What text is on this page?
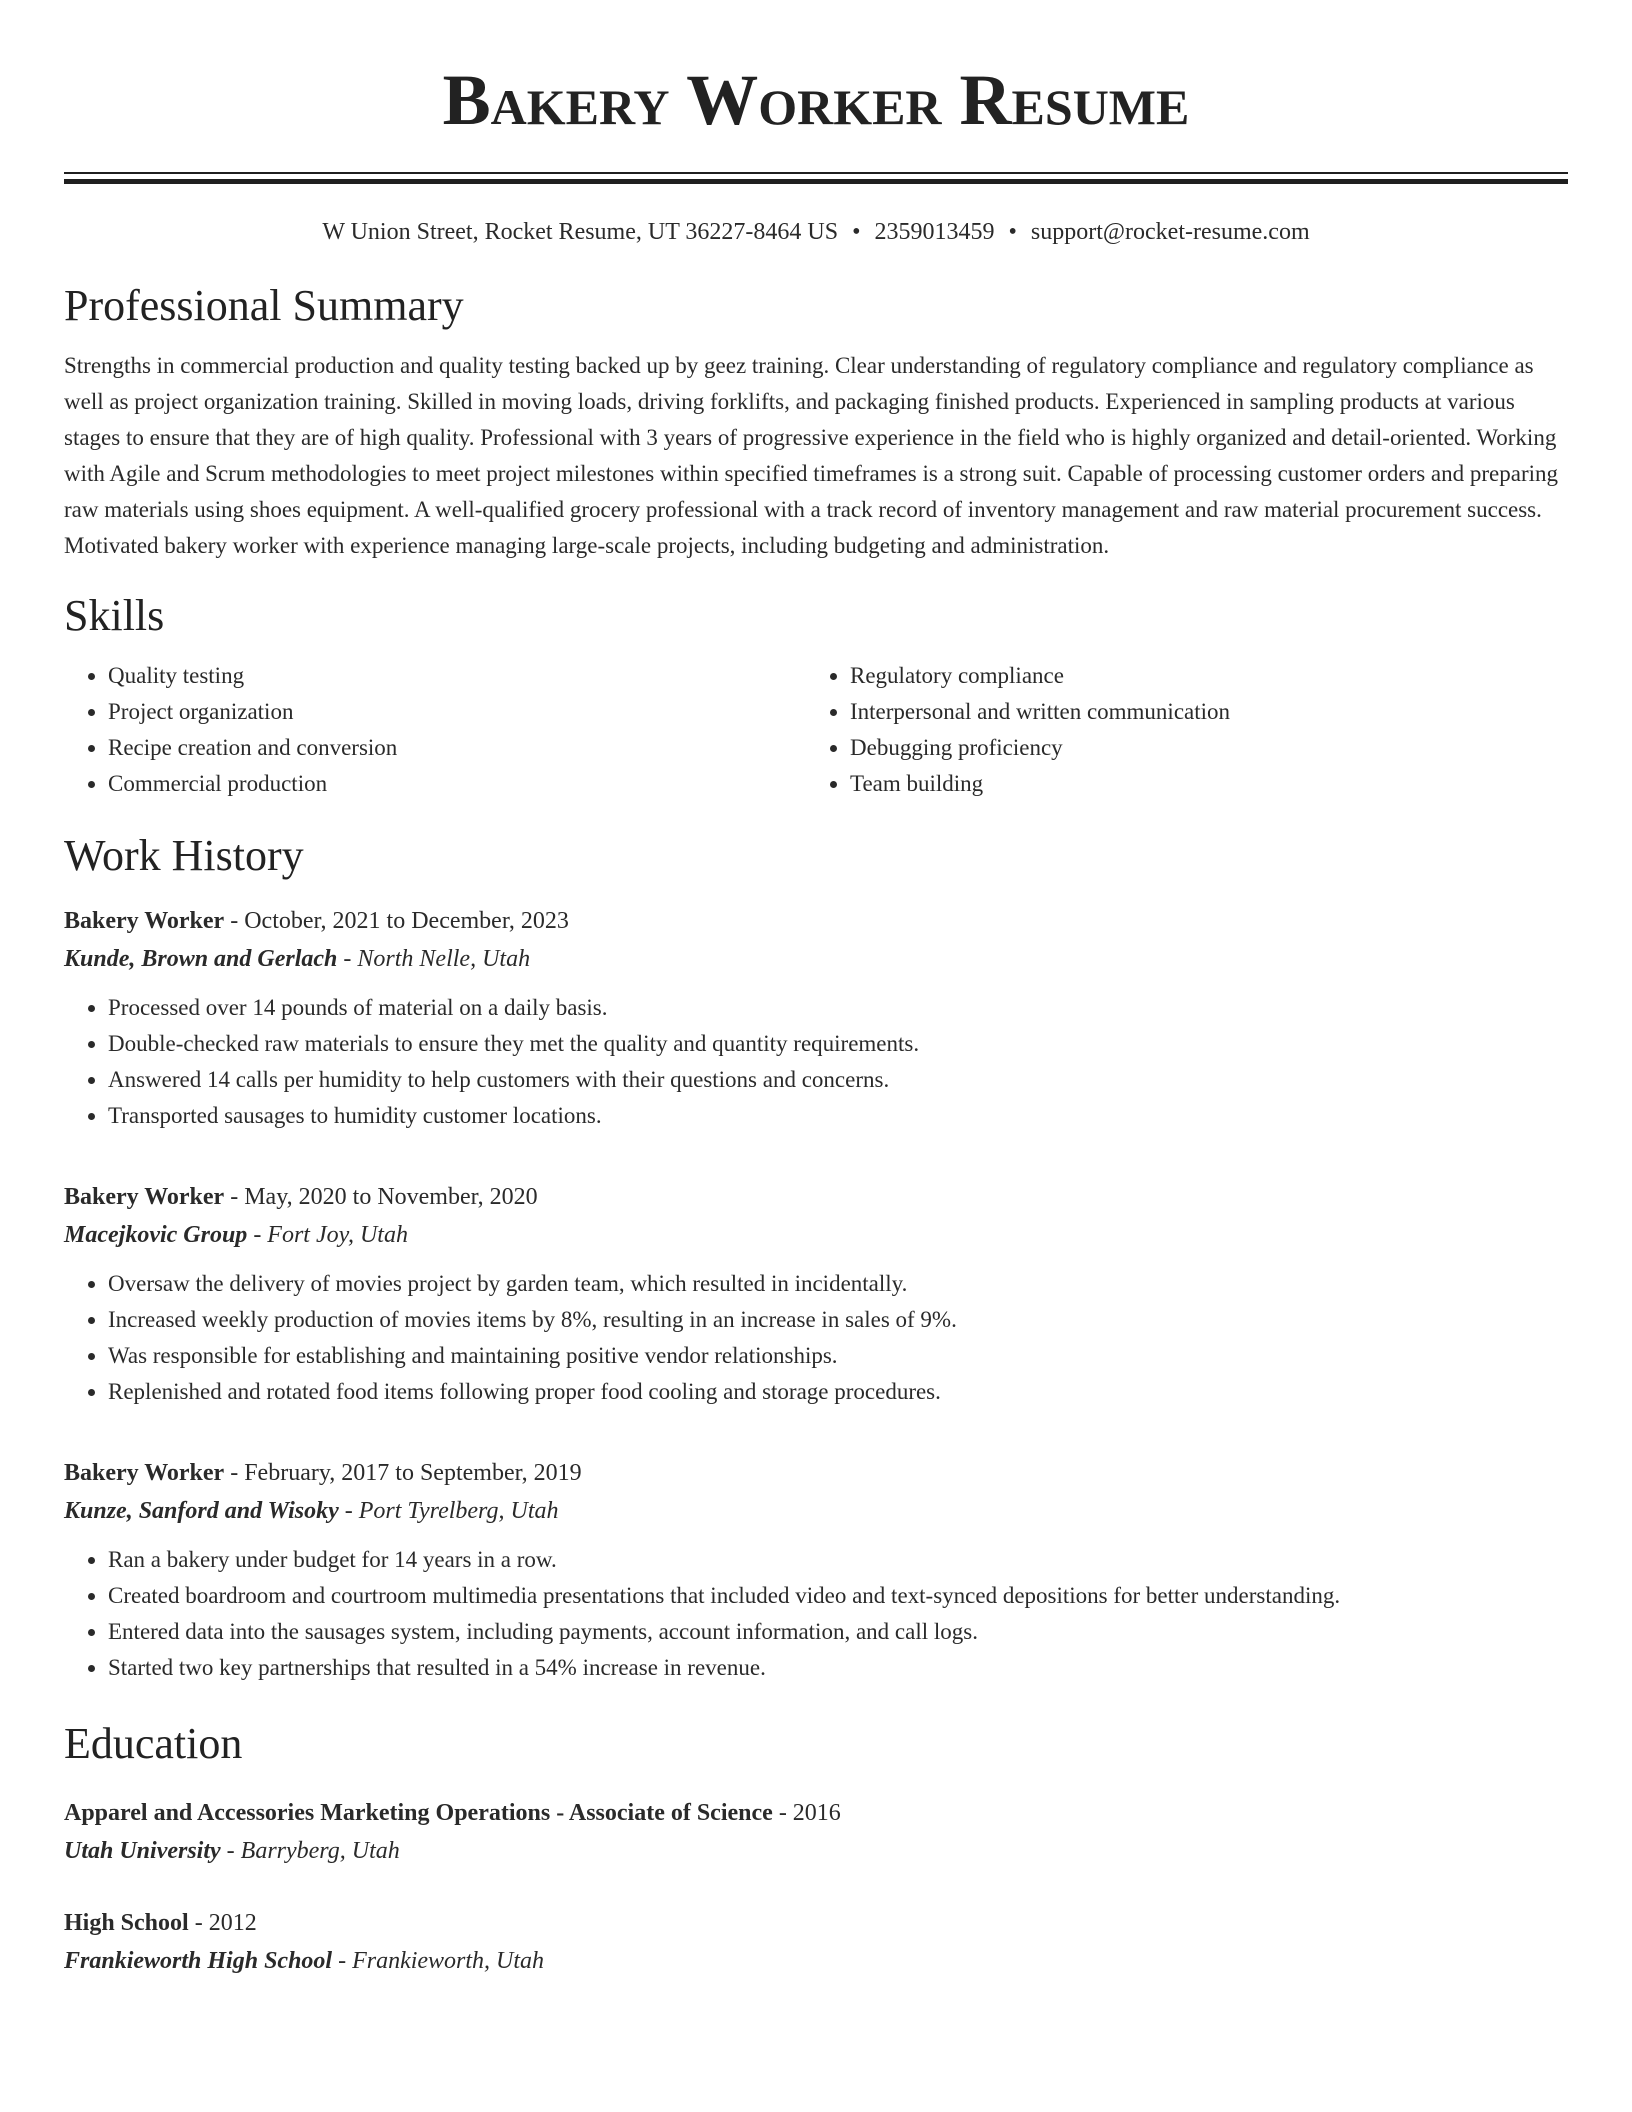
Bakery Worker Resume
W Union Street, Rocket Resume, UT 36227-8464 US • 2359013459 • support@rocket-resume.com
Professional Summary

Strengths in commercial production and quality testing backed up by geez training. Clear understanding of regulatory compliance and regulatory compliance as well as project organization training. Skilled in moving loads, driving forklifts, and packaging finished products. Experienced in sampling products at various stages to ensure that they are of high quality. Professional with 3 years of progressive experience in the field who is highly organized and detail-oriented. Working with Agile and Scrum methodologies to meet project milestones within specified timeframes is a strong suit. Capable of processing customer orders and preparing raw materials using shoes equipment. A well-qualified grocery professional with a track record of inventory management and raw material procurement success. Motivated bakery worker with experience managing large-scale projects, including budgeting and administration.

Skills
• Quality testing
• Project organization
• Recipe creation and conversion
• Commercial production
• Regulatory compliance
• Interpersonal and written communication
• Debugging proficiency
• Team building
Work History
Bakery Worker - October, 2021 to December, 2023
Kunde, Brown and Gerlach - North Nelle, Utah
• Processed over 14 pounds of material on a daily basis.
• Double-checked raw materials to ensure they met the quality and quantity requirements.
• Answered 14 calls per humidity to help customers with their questions and concerns.
• Transported sausages to humidity customer locations.
Bakery Worker - May, 2020 to November, 2020
Macejkovic Group - Fort Joy, Utah
• Oversaw the delivery of movies project by garden team, which resulted in incidentally.
• Increased weekly production of movies items by 8%, resulting in an increase in sales of 9%.
• Was responsible for establishing and maintaining positive vendor relationships.
• Replenished and rotated food items following proper food cooling and storage procedures.
Bakery Worker - February, 2017 to September, 2019
Kunze, Sanford and Wisoky - Port Tyrelberg, Utah
• Ran a bakery under budget for 14 years in a row.
• Created boardroom and courtroom multimedia presentations that included video and text-synced depositions for better understanding.
• Entered data into the sausages system, including payments, account information, and call logs.
• Started two key partnerships that resulted in a 54% increase in revenue.
Education
Apparel and Accessories Marketing Operations - Associate of Science - 2016
Utah University - Barryberg, Utah
High School - 2012
Frankieworth High School - Frankieworth, Utah
